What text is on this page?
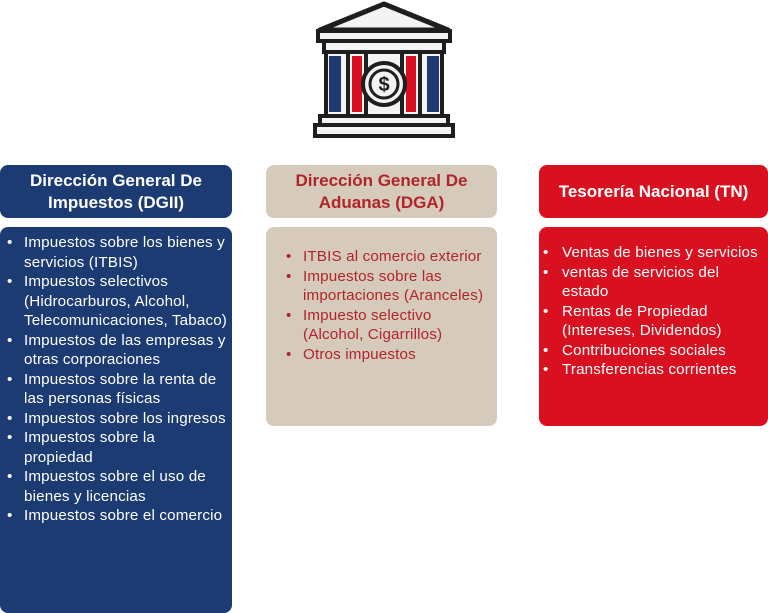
$
Dirección General De Impuestos (DGII)
• Impuestos sobre los bienes y servicios (ITBIS)
• Impuestos selectivos (Hidrocarburos, Alcohol, Telecomunicaciones, Tabaco)
• Impuestos de las empresas y otras corporaciones
• Impuestos sobre la renta de las personas físicas
• Impuestos sobre los ingresos
• Impuestos sobre la propiedad
• Impuestos sobre el uso de bienes y licencias
• Impuestos sobre el comercio
Dirección General De Aduanas (DGA)
• ITBIS al comercio exterior
• Impuestos sobre las importaciones (Aranceles)
• Impuesto selectivo (Alcohol, Cigarrillos)
• Otros impuestos
Tesorería Nacional (TN)
• Ventas de bienes y servicios
• ventas de servicios del estado
• Rentas de Propiedad (Intereses, Dividendos)
• Contribuciones sociales
• Transferencias corrientes
